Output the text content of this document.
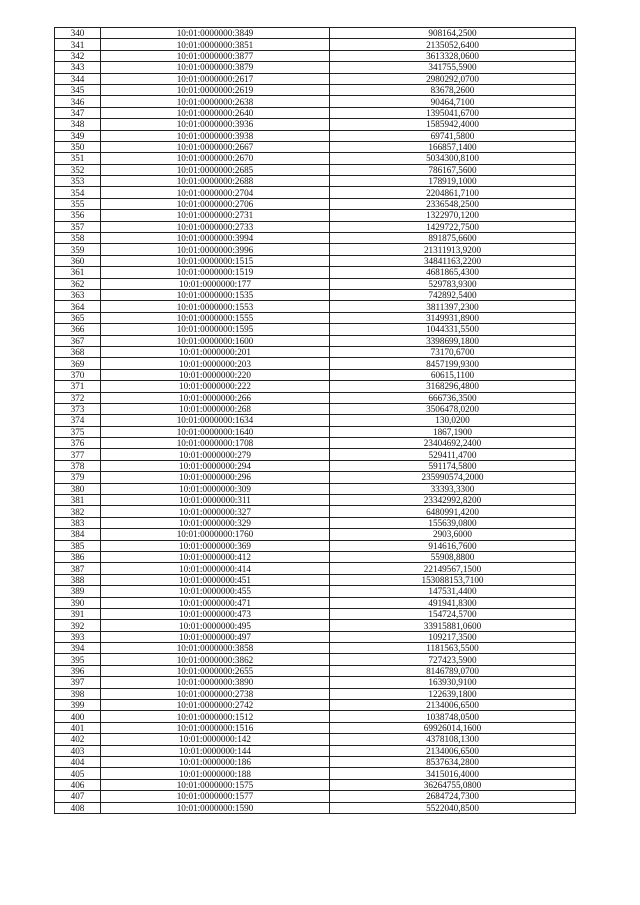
340	10:01:0000000:3849	908164,2500
341	10:01:0000000:3851	2135052,6400
342	10:01:0000000:3877	3613328,0600
343	10:01:0000000:3879	341755,5900
344	10:01:0000000:2617	2980292,0700
345	10:01:0000000:2619	83678,2600
346	10:01:0000000:2638	90464,7100
347	10:01:0000000:2640	1395041,6700
348	10:01:0000000:3936	1585942,4000
349	10:01:0000000:3938	69741,5800
350	10:01:0000000:2667	166857,1400
351	10:01:0000000:2670	5034300,8100
352	10:01:0000000:2685	786167,5600
353	10:01:0000000:2688	178919,1000
354	10:01:0000000:2704	2204861,7100
355	10:01:0000000:2706	2336548,2500
356	10:01:0000000:2731	1322970,1200
357	10:01:0000000:2733	1429722,7500
358	10:01:0000000:3994	891875,6600
359	10:01:0000000:3996	21311913,9200
360	10:01:0000000:1515	34841163,2200
361	10:01:0000000:1519	4681865,4300
362	10:01:0000000:177	529783,9300
363	10:01:0000000:1535	742892,5400
364	10:01:0000000:1553	3811397,2300
365	10:01:0000000:1555	3149931,8900
366	10:01:0000000:1595	1044331,5500
367	10:01:0000000:1600	3398699,1800
368	10:01:0000000:201	73170,6700
369	10:01:0000000:203	8457199,9300
370	10:01:0000000:220	60615,1100
371	10:01:0000000:222	3168296,4800
372	10:01:0000000:266	666736,3500
373	10:01:0000000:268	3506478,0200
374	10:01:0000000:1634	130,0200
375	10:01:0000000:1640	1867,1900
376	10:01:0000000:1708	23404692,2400
377	10:01:0000000:279	529411,4700
378	10:01:0000000:294	591174,5800
379	10:01:0000000:296	235990574,2000
380	10:01:0000000:309	33393,3300
381	10:01:0000000:311	23342992,8200
382	10:01:0000000:327	6480991,4200
383	10:01:0000000:329	155639,0800
384	10:01:0000000:1760	2903,6000
385	10:01:0000000:369	914616,7600
386	10:01:0000000:412	55908,8800
387	10:01:0000000:414	22149567,1500
388	10:01:0000000:451	153088153,7100
389	10:01:0000000:455	147531,4400
390	10:01:0000000:471	491941,8300
391	10:01:0000000:473	154724,5700
392	10:01:0000000:495	33915881,0600
393	10:01:0000000:497	109217,3500
394	10:01:0000000:3858	1181563,5500
395	10:01:0000000:3862	727423,5900
396	10:01:0000000:2655	8146789,0700
397	10:01:0000000:3890	163930,9100
398	10:01:0000000:2738	122639,1800
399	10:01:0000000:2742	2134006,6500
400	10:01:0000000:1512	1038748,0500
401	10:01:0000000:1516	69926014,1600
402	10:01:0000000:142	4378108,1300
403	10:01:0000000:144	2134006,6500
404	10:01:0000000:186	8537634,2800
405	10:01:0000000:188	3415016,4000
406	10:01:0000000:1575	36264755,0800
407	10:01:0000000:1577	2684724,7300
408	10:01:0000000:1590	5522040,8500
